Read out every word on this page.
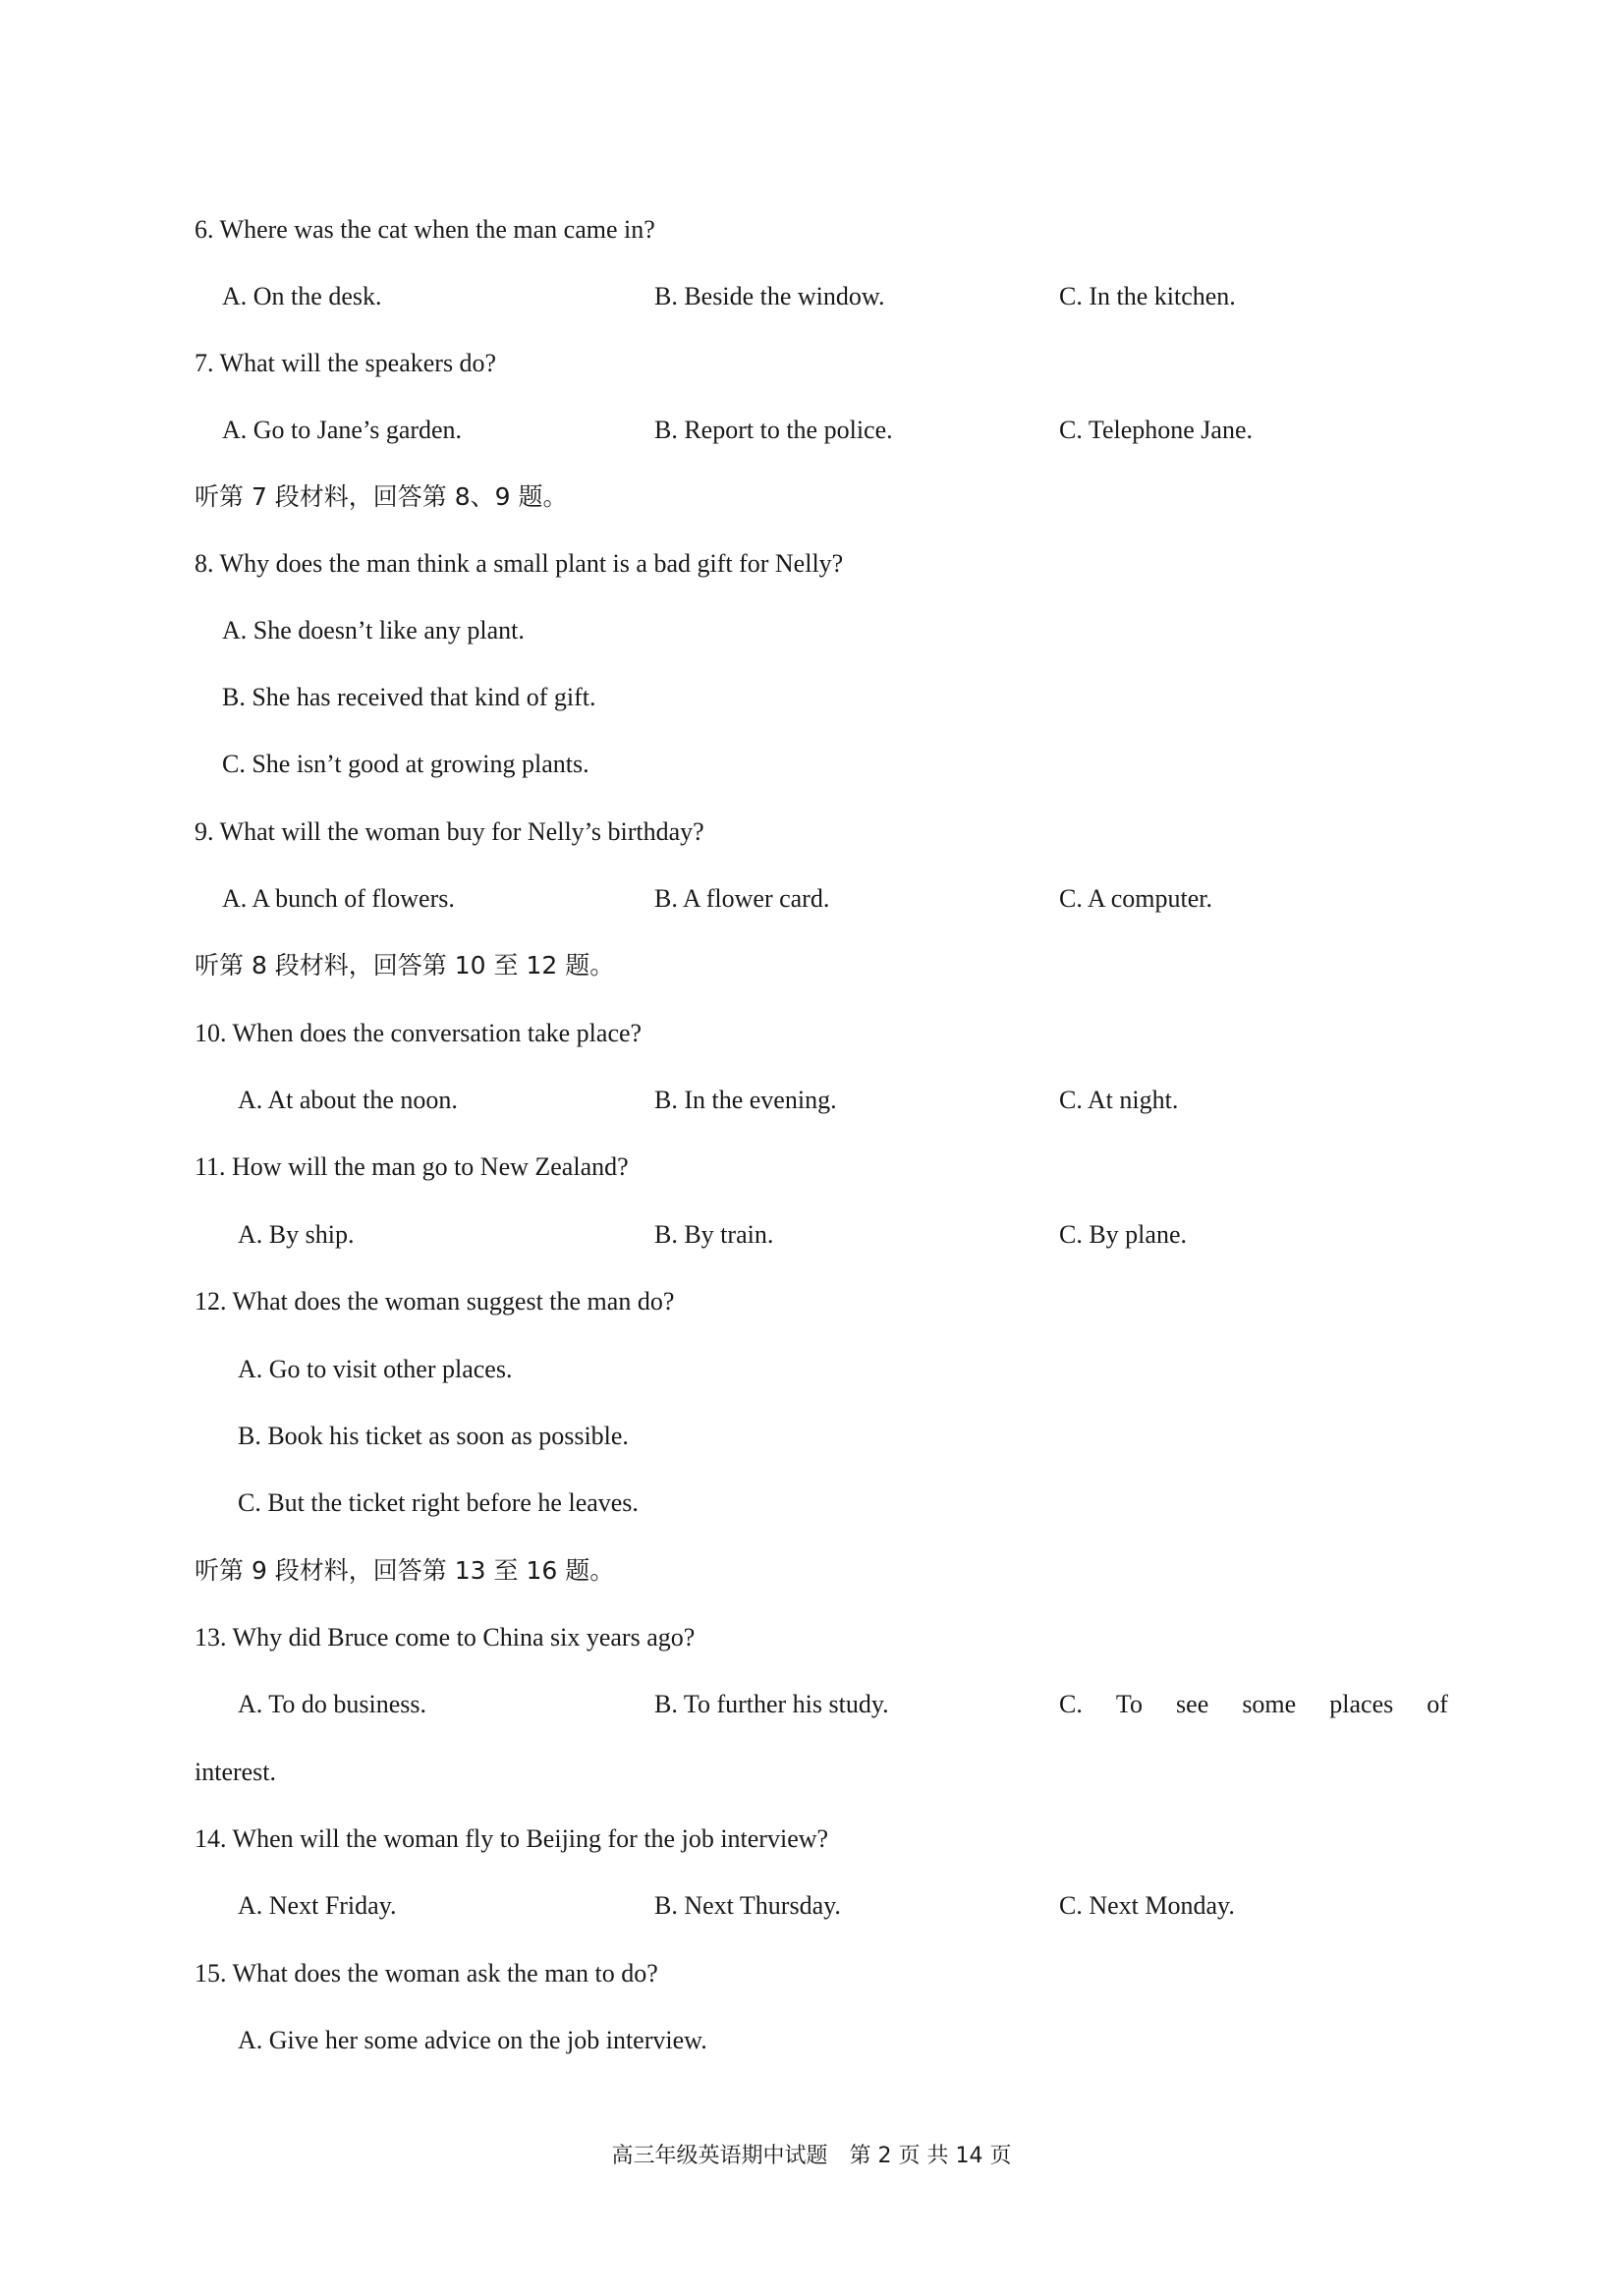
6. Where was the cat when the man came in?
A. On the desk.	B. Beside the window.	C. In the kitchen.
7. What will the speakers do?
A. Go to Jane’s garden.	B. Report to the police.	C. Telephone Jane.
听第 7 段材料，回答第 8、9 题。
8. Why does the man think a small plant is a bad gift for Nelly?
A. She doesn’t like any plant.
B. She has received that kind of gift.
C. She isn’t good at growing plants.
9. What will the woman buy for Nelly’s birthday?
A. A bunch of flowers.	B. A flower card.	C. A computer.
听第 8 段材料，回答第 10 至 12 题。
10. When does the conversation take place?
A. At about the noon.	B. In the evening.	C. At night.
11. How will the man go to New Zealand?
A. By ship.	B. By train.	C. By plane.
12. What does the woman suggest the man do?
A. Go to visit other places.
B. Book his ticket as soon as possible.
C. But the ticket right before he leaves.
听第 9 段材料，回答第 13 至 16 题。
13. Why did Bruce come to China six years ago?
A. To do business.	B. To further his study.	C. To see some places of
interest.
14. When will the woman fly to Beijing for the job interview?
A. Next Friday.	B. Next Thursday.	C. Next Monday.
15. What does the woman ask the man to do?
A. Give her some advice on the job interview.
高三年级英语期中试题　第 2 页 共 14 页
